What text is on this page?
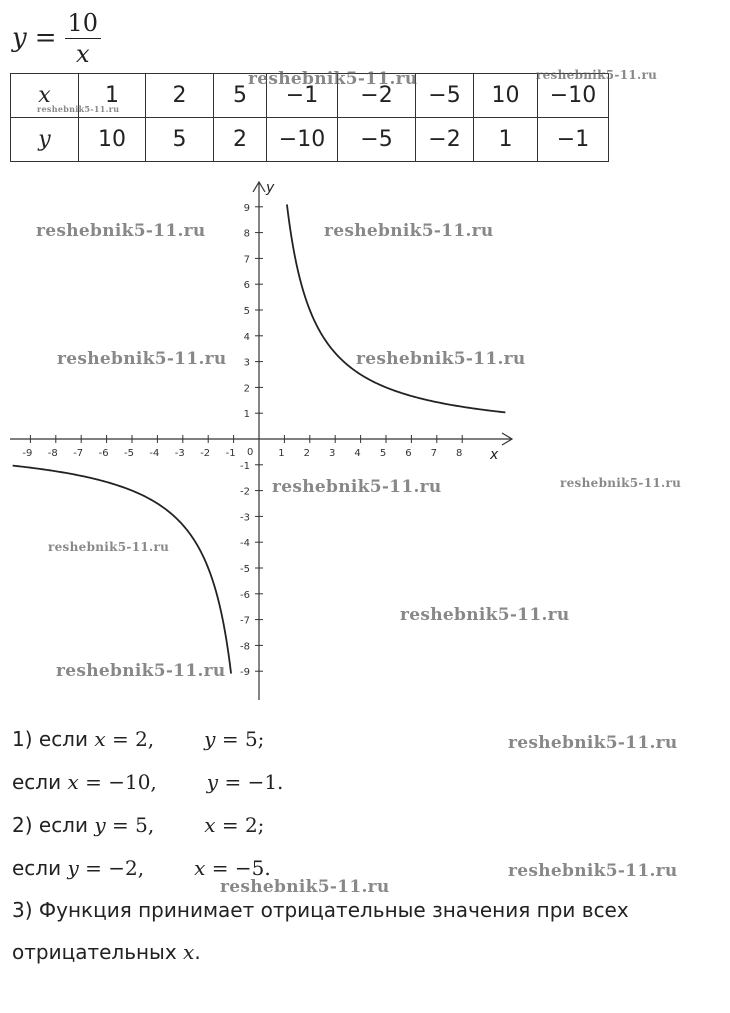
$y = \frac{10}{x}$
x	1	2	5	−1	−2	−5	10	−10
y	10	5	2	−10	−5	−2	1	−1
x
y
0
-9 -8 -7 -6 -5 -4 -3 -2 -1	1 2 3 4 5 6 7 8
9
8
7
6
5
4
3
2
1
-1
-2
-3
-4
-5
-6
-7
-8
-9
1) если x = 2,	y = 5;
если x = −10,	y = −1.
2) если y = 5,	x = 2;
если y = −2,	x = −5.
3) Функция принимает отрицательные значения при всех
отрицательных x.
reshebnik5-11.ru	reshebnik5-11.ru
reshebnik5-11.ru
reshebnik5-11.ru	reshebnik5-11.ru
reshebnik5-11.ru	reshebnik5-11.ru
reshebnik5-11.ru	reshebnik5-11.ru
reshebnik5-11.ru
reshebnik5-11.ru
reshebnik5-11.ru
reshebnik5-11.ru
reshebnik5-11.ru
reshebnik5-11.ru
